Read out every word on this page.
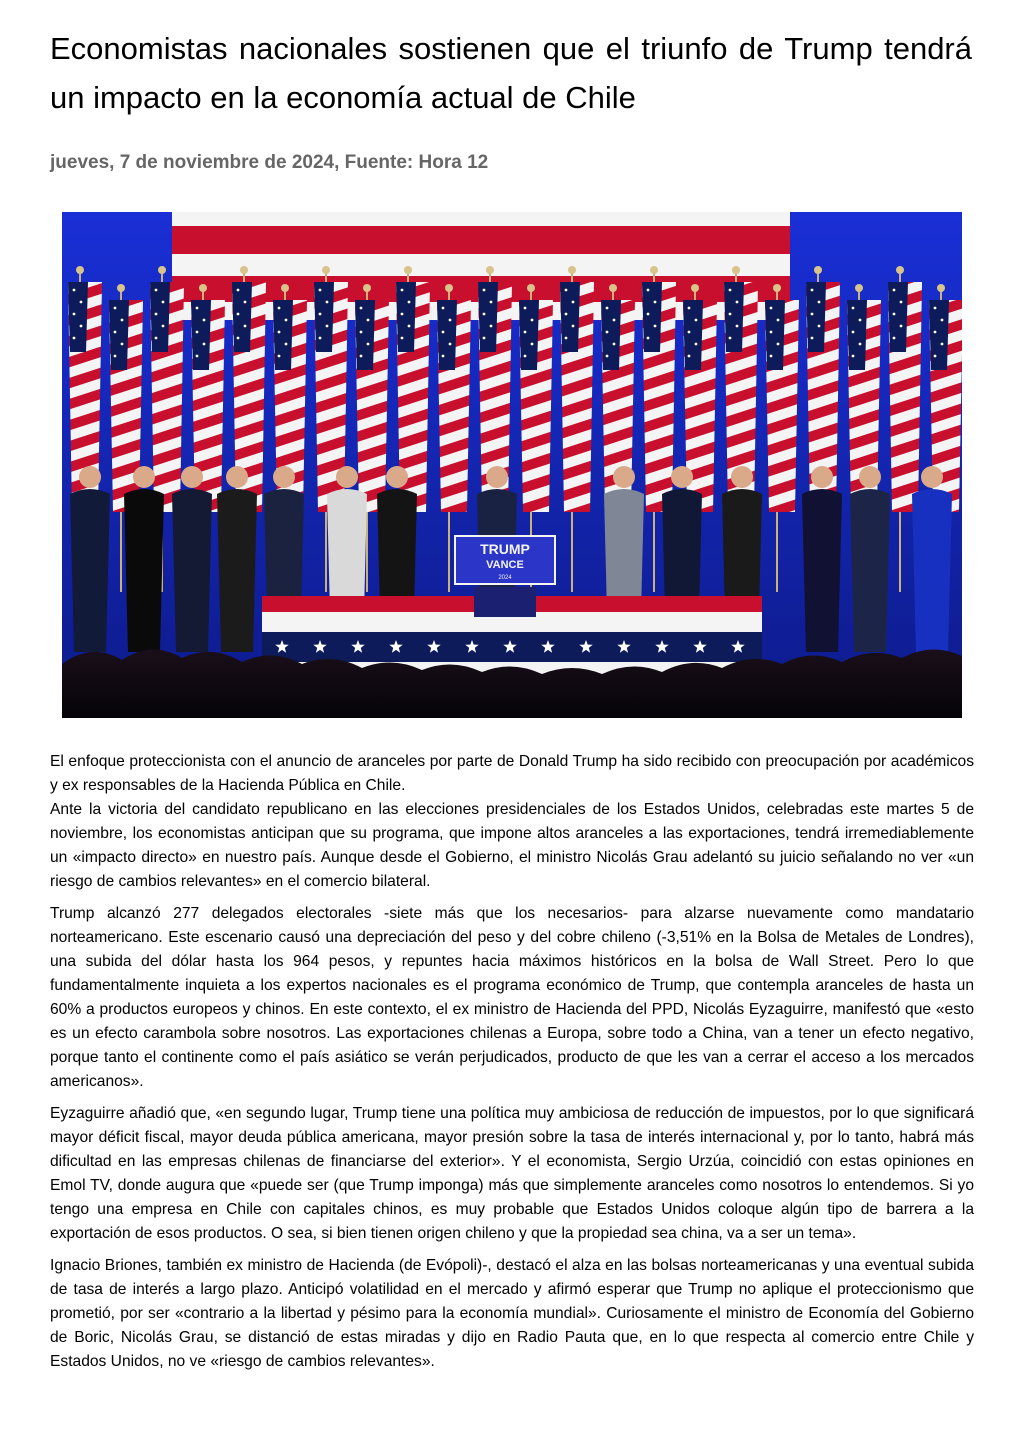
Economistas nacionales sostienen que el triunfo de Trump tendrá un impacto en la economía actual de Chile

jueves, 7 de noviembre de 2024, Fuente: Hora 12

TRUMP
VANCE
2024

El enfoque proteccionista con el anuncio de aranceles por parte de Donald Trump ha sido recibido con preocupación por académicos y ex responsables de la Hacienda Pública en Chile.

Ante la victoria del candidato republicano en las elecciones presidenciales de los Estados Unidos, celebradas este martes 5 de noviembre, los economistas anticipan que su programa, que impone altos aranceles a las exportaciones, tendrá irremediablemente un «impacto directo» en nuestro país. Aunque desde el Gobierno, el ministro Nicolás Grau adelantó su juicio señalando no ver «un riesgo de cambios relevantes» en el comercio bilateral.

Trump alcanzó 277 delegados electorales -siete más que los necesarios- para alzarse nuevamente como mandatario norteamericano. Este escenario causó una depreciación del peso y del cobre chileno (-3,51% en la Bolsa de Metales de Londres), una subida del dólar hasta los 964 pesos, y repuntes hacia máximos históricos en la bolsa de Wall Street. Pero lo que fundamentalmente inquieta a los expertos nacionales es el programa económico de Trump, que contempla aranceles de hasta un 60% a productos europeos y chinos. En este contexto, el ex ministro de Hacienda del PPD, Nicolás Eyzaguirre, manifestó que «esto es un efecto carambola sobre nosotros. Las exportaciones chilenas a Europa, sobre todo a China, van a tener un efecto negativo, porque tanto el continente como el país asiático se verán perjudicados, producto de que les van a cerrar el acceso a los mercados americanos».

Eyzaguirre añadió que, «en segundo lugar, Trump tiene una política muy ambiciosa de reducción de impuestos, por lo que significará mayor déficit fiscal, mayor deuda pública americana, mayor presión sobre la tasa de interés internacional y, por lo tanto, habrá más dificultad en las empresas chilenas de financiarse del exterior». Y el economista, Sergio Urzúa, coincidió con estas opiniones en Emol TV, donde augura que «puede ser (que Trump imponga) más que simplemente aranceles como nosotros lo entendemos. Si yo tengo una empresa en Chile con capitales chinos, es muy probable que Estados Unidos coloque algún tipo de barrera a la exportación de esos productos. O sea, si bien tienen origen chileno y que la propiedad sea china, va a ser un tema».

Ignacio Briones, también ex ministro de Hacienda (de Evópoli)-, destacó el alza en las bolsas norteamericanas y una eventual subida de tasa de interés a largo plazo. Anticipó volatilidad en el mercado y afirmó esperar que Trump no aplique el proteccionismo que prometió, por ser «contrario a la libertad y pésimo para la economía mundial». Curiosamente el ministro de Economía del Gobierno de Boric, Nicolás Grau, se distanció de estas miradas y dijo en Radio Pauta que, en lo que respecta al comercio entre Chile y Estados Unidos, no ve «riesgo de cambios relevantes».
